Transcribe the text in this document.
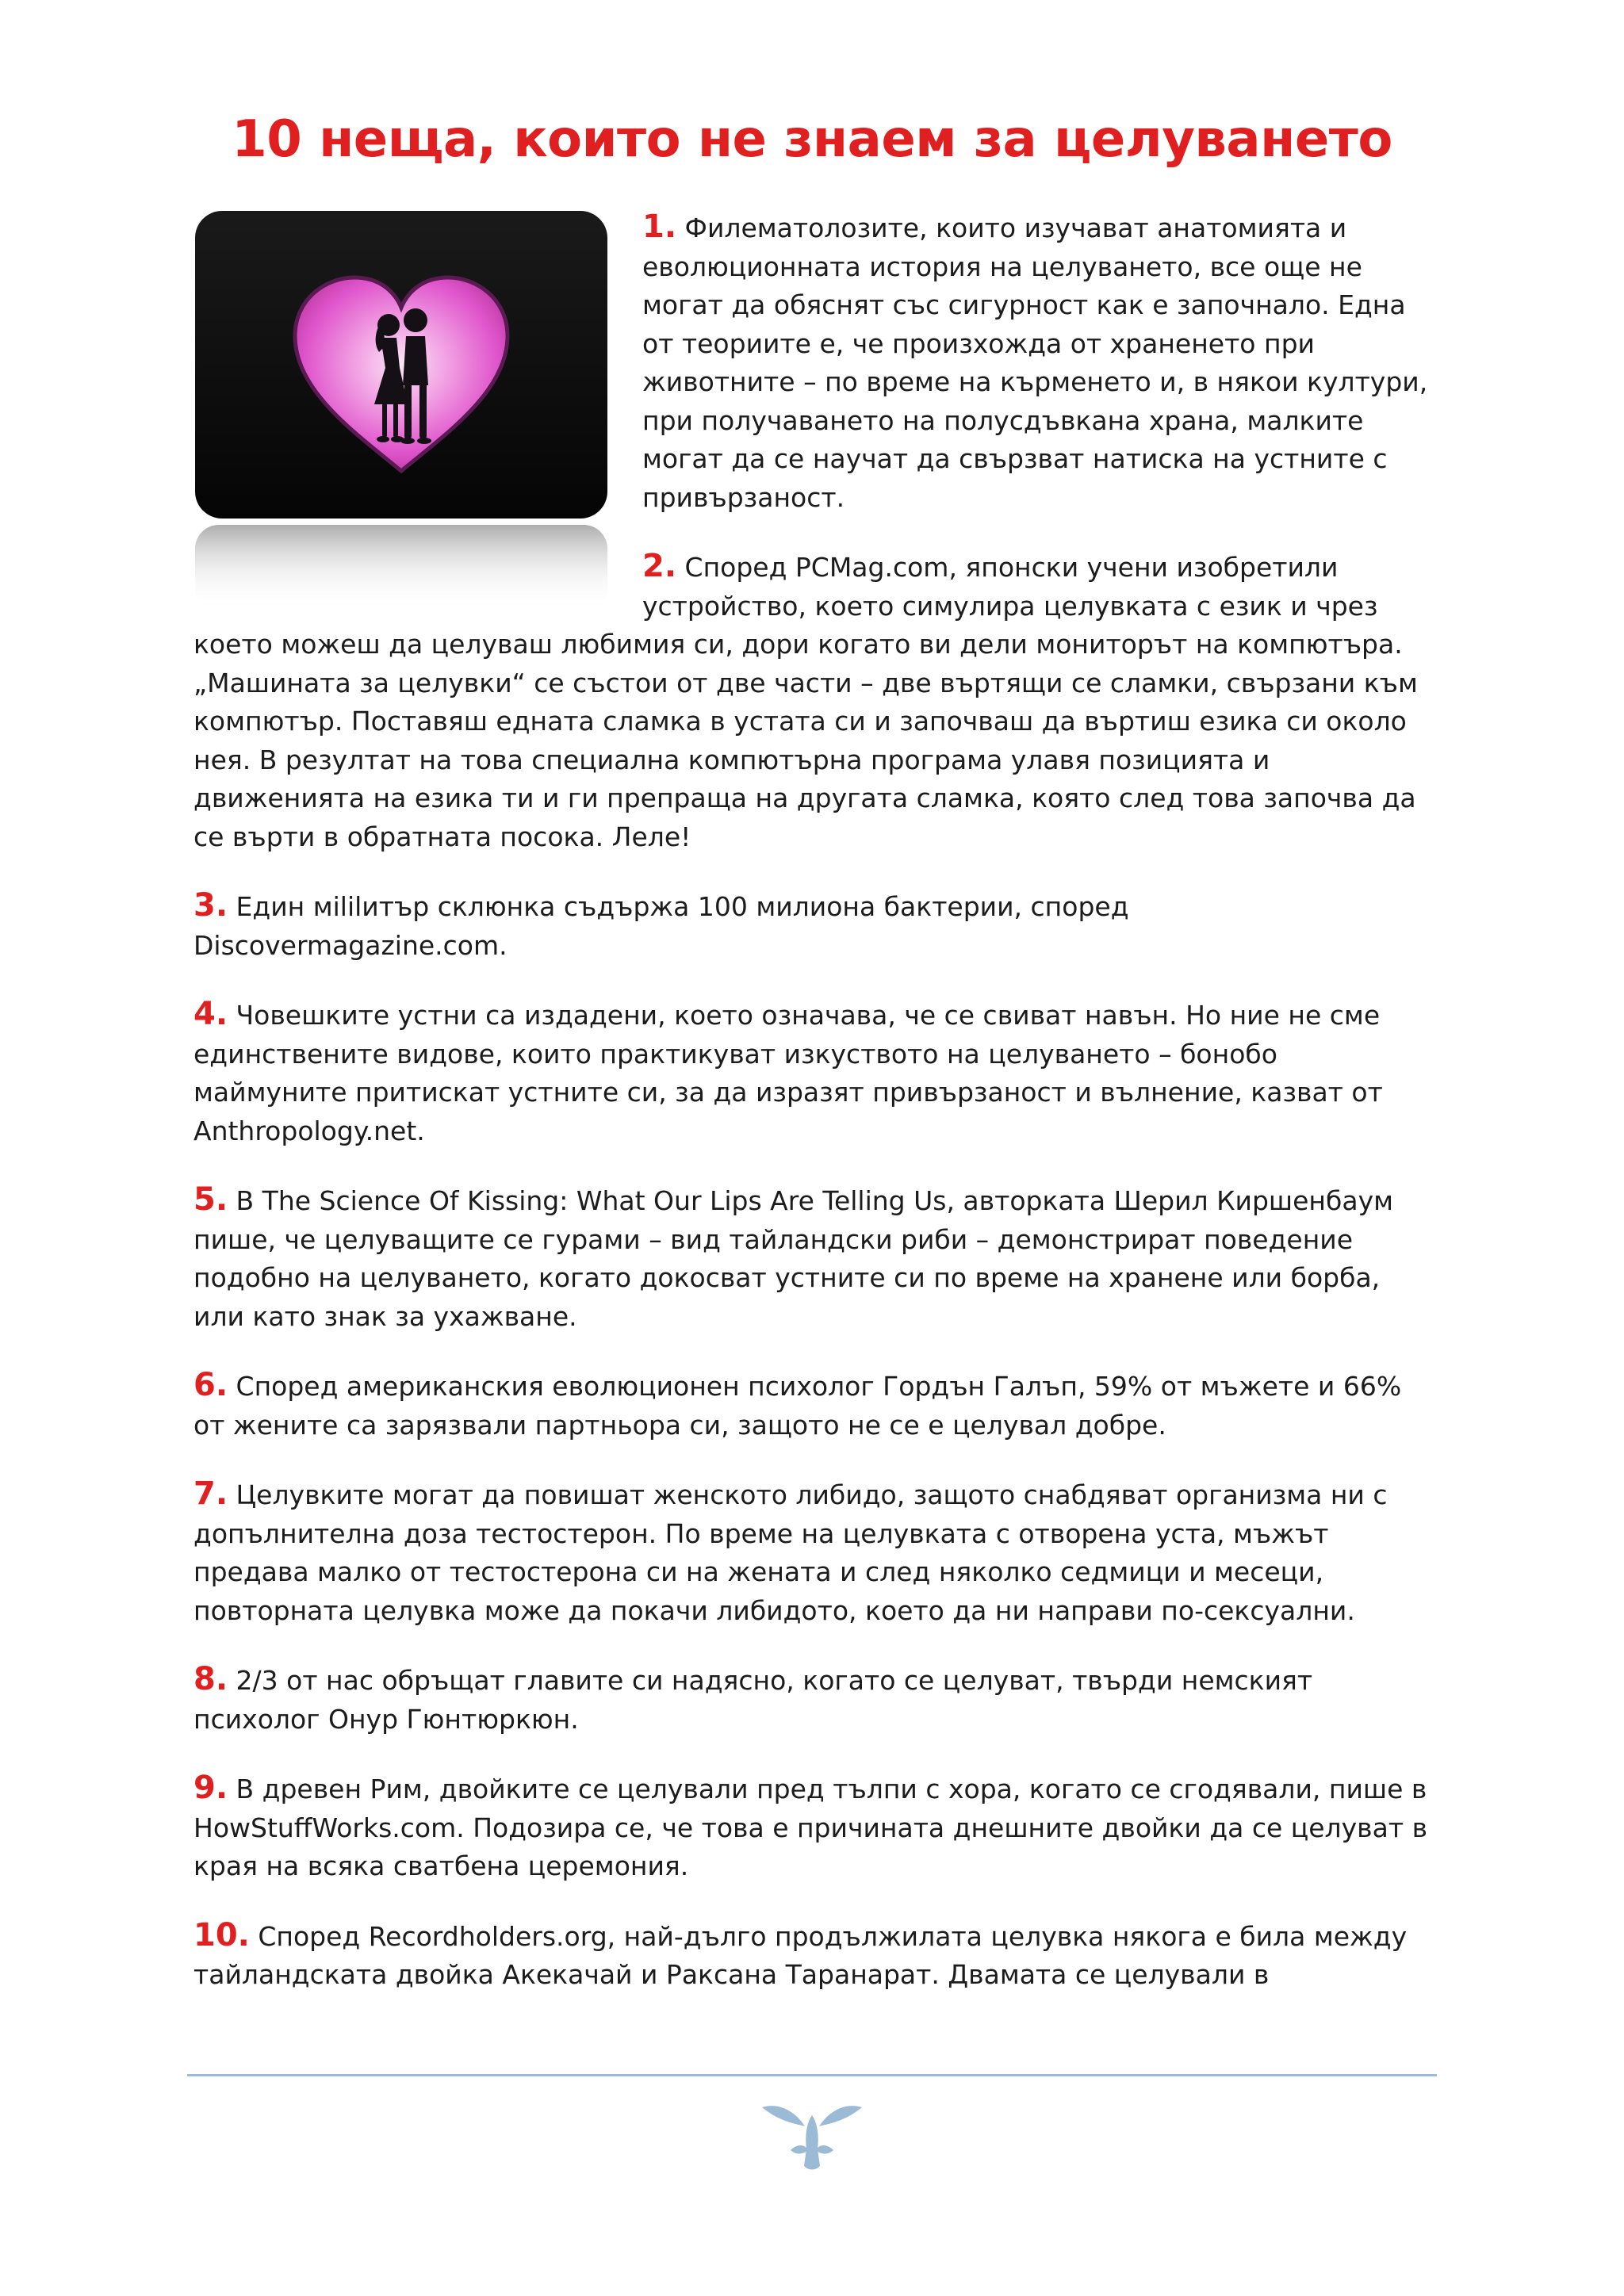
10 неща, които не знаем за целуването

1. Филематолозите, които изучават анатомията и еволюционната история на целуването, все още не могат да обяснят със сигурност как е започнало. Една от теориите е, че произхожда от храненето при животните – по време на кърменето и, в някои култури, при получаването на полусдъвкана храна, малките могат да се научат да свързват натиска на устните с привързаност.

2. Според PCMag.com, японски учени изобретили устройство, което симулира целувката с език и чрез което можеш да целуваш любимия си, дори когато ви дели мониторът на компютъра. „Машината за целувки“ се състои от две части – две въртящи се сламки, свързани към компютър. Поставяш едната сламка в устата си и започваш да въртиш езика си около нея. В резултат на това специална компютърна програма улавя позицията и движенията на езика ти и ги препраща на другата сламка, която след това започва да се върти в обратната посока. Леле!

3. Един мililитър склюнка съдържа 100 милиона бактерии, според Discovermagazine.com.

4. Човешките устни са издадени, което означава, че се свиват навън. Но ние не сме единствените видове, които практикуват изкуството на целуването – бонобо маймуните притискат устните си, за да изразят привързаност и вълнение, казват от Anthropology.net.

5. В The Science Of Kissing: What Our Lips Are Telling Us, авторката Шерил Киршенбаум пише, че целуващите се гурами – вид тайландски риби – демонстрират поведение подобно на целуването, когато докосват устните си по време на хранене или борба, или като знак за ухажване.

6. Според американския еволюционен психолог Гордън Галъп, 59% от мъжете и 66% от жените са зарязвали партньора си, защото не се е целувал добре.

7. Целувките могат да повишат женското либидо, защото снабдяват организма ни с допълнителна доза тестостерон. По време на целувката с отворена уста, мъжът предава малко от тестостерона си на жената и след няколко седмици и месеци, повторната целувка може да покачи либидото, което да ни направи по-сексуални.

8. 2/3 от нас обръщат главите си надясно, когато се целуват, твърди немският психолог Онур Гюнтюркюн.

9. В древен Рим, двойките се целували пред тълпи с хора, когато се сгодявали, пише в HowStuffWorks.com. Подозира се, че това е причината днешните двойки да се целуват в края на всяка сватбена церемония.

10. Според Recordholders.org, най-дълго продължилата целувка някога е била между тайландската двойка Акекачай и Раксана Таранарат. Двамата се целували в
